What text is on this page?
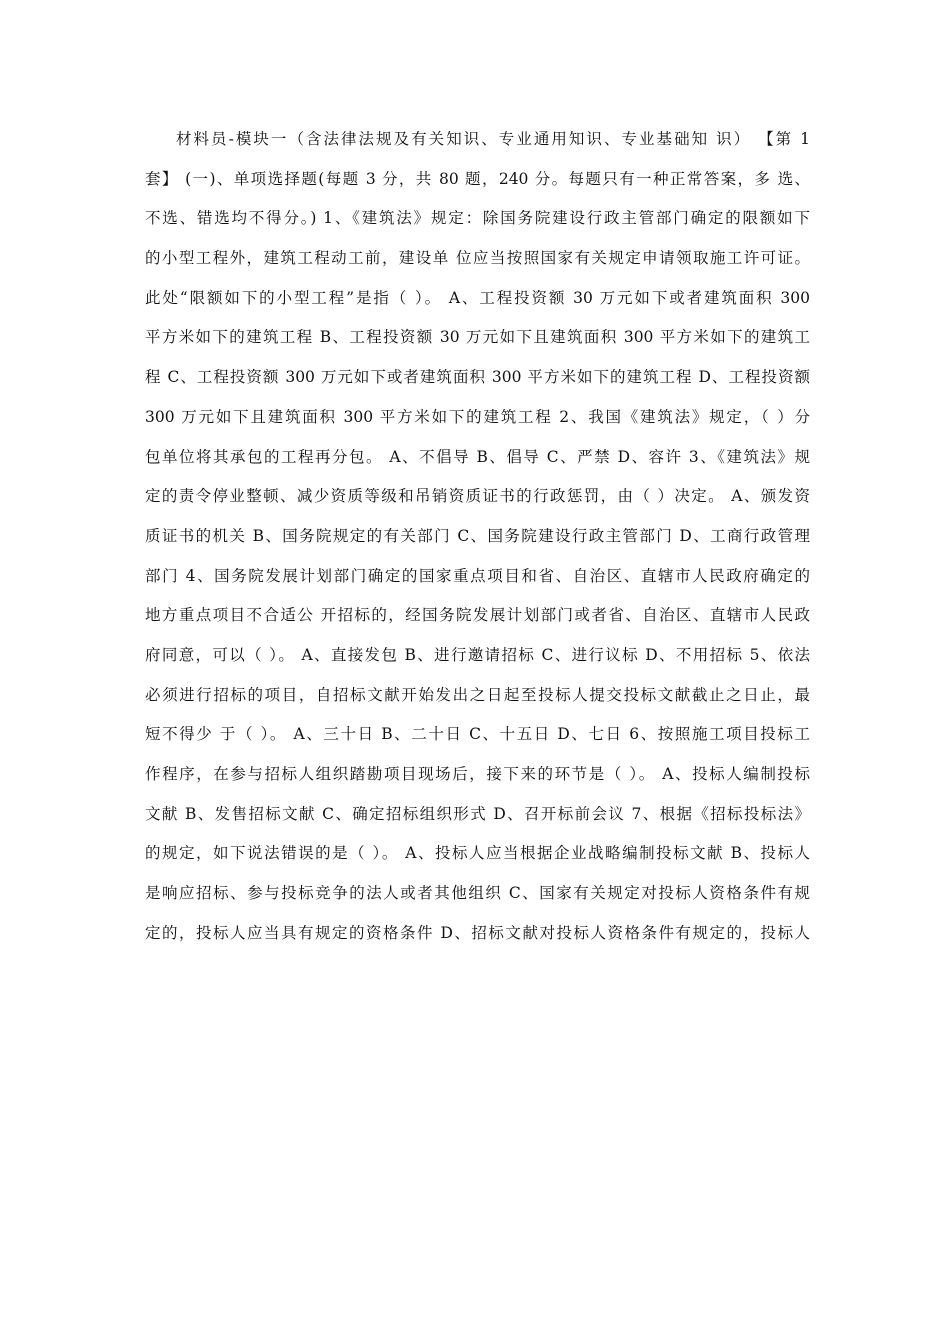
材料员-模块一（含法律法规及有关知识、专业通用知识、专业基础知 识） 【第 1
套】 (一)、单项选择题(每题 3 分，共 80 题，240 分。每题只有一种正常答案，多 选、
不选、错选均不得分。) 1、《建筑法》规定：除国务院建设行政主管部门确定的限额如下
的小型工程外，建筑工程动工前，建设单 位应当按照国家有关规定申请领取施工许可证。
此处“限额如下的小型工程”是指（ ）。 A、工程投资额 30 万元如下或者建筑面积 300
平方米如下的建筑工程 B、工程投资额 30 万元如下且建筑面积 300 平方米如下的建筑工
程 C、工程投资额 300 万元如下或者建筑面积 300 平方米如下的建筑工程 D、工程投资额
300 万元如下且建筑面积 300 平方米如下的建筑工程 2、我国《建筑法》规定，（ ）分
包单位将其承包的工程再分包。 A、不倡导 B、倡导 C、严禁 D、容许 3、《建筑法》规
定的责令停业整顿、减少资质等级和吊销资质证书的行政惩罚，由（ ）决定。 A、颁发资
质证书的机关 B、国务院规定的有关部门 C、国务院建设行政主管部门 D、工商行政管理
部门 4、国务院发展计划部门确定的国家重点项目和省、自治区、直辖市人民政府确定的
地方重点项目不合适公 开招标的，经国务院发展计划部门或者省、自治区、直辖市人民政
府同意，可以（ ）。 A、直接发包 B、进行邀请招标 C、进行议标 D、不用招标 5、依法
必须进行招标的项目，自招标文献开始发出之日起至投标人提交投标文献截止之日止，最
短不得少 于（ ）。 A、三十日 B、二十日 C、十五日 D、七日 6、按照施工项目投标工
作程序，在参与招标人组织踏勘项目现场后，接下来的环节是（ ）。 A、投标人编制投标
文献 B、发售招标文献 C、确定招标组织形式 D、召开标前会议 7、根据《招标投标法》
的规定，如下说法错误的是（ ）。 A、投标人应当根据企业战略编制投标文献 B、投标人
是响应招标、参与投标竞争的法人或者其他组织 C、国家有关规定对投标人资格条件有规
定的，投标人应当具有规定的资格条件 D、招标文献对投标人资格条件有规定的，投标人
